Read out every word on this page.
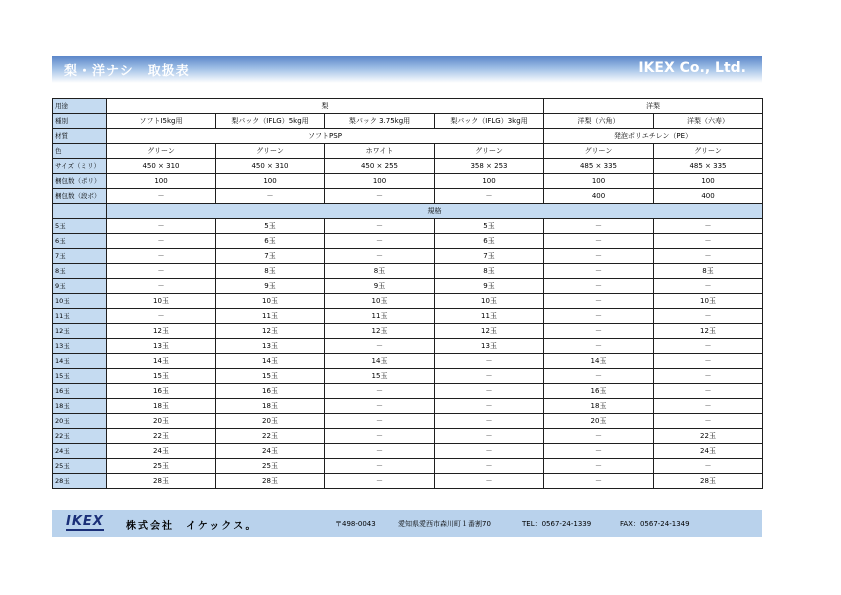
梨・洋ナシ　取扱表	IKEX Co., Ltd.
用途	梨				洋梨	
種別	ソフトⅠ5kg用	梨パック（IFLG）5kg用	梨パック 3.75kg用	梨パック（IFLG）3kg用	洋梨（六角）	洋梨（六寿）
材質	ソフトPSP				発泡ポリエチレン（PE）	
色	グリーン	グリーン	ホワイト	グリーン	グリーン	グリーン
サイズ（ミリ）	450 × 310	450 × 310	450 × 255	358 × 253	485 × 335	485 × 335
梱包数（ポリ）	100	100	100	100	100	100
梱包数（段ボ）	－	－	－	－	400	400
	規格					
5玉	－	5玉	－	5玉	－	－
6玉	－	6玉	－	6玉	－	－
7玉	－	7玉	－	7玉	－	－
8玉	－	8玉	8玉	8玉	－	8玉
9玉	－	9玉	9玉	9玉	－	－
10玉	10玉	10玉	10玉	10玉	－	10玉
11玉	－	11玉	11玉	11玉	－	－
12玉	12玉	12玉	12玉	12玉	－	12玉
13玉	13玉	13玉	－	13玉	－	－
14玉	14玉	14玉	14玉	－	14玉	－
15玉	15玉	15玉	15玉	－	－	－
16玉	16玉	16玉	－	－	16玉	－
18玉	18玉	18玉	－	－	18玉	－
20玉	20玉	20玉	－	－	20玉	－
22玉	22玉	22玉	－	－	－	22玉
24玉	24玉	24玉	－	－	－	24玉
25玉	25玉	25玉	－	－	－	－
28玉	28玉	28玉	－	－	－	28玉
IKEX 株式会社　イケックス。	〒498-0043	愛知県愛西市森川町１番割70	TEL：0567-24-1339	FAX：0567-24-1349
